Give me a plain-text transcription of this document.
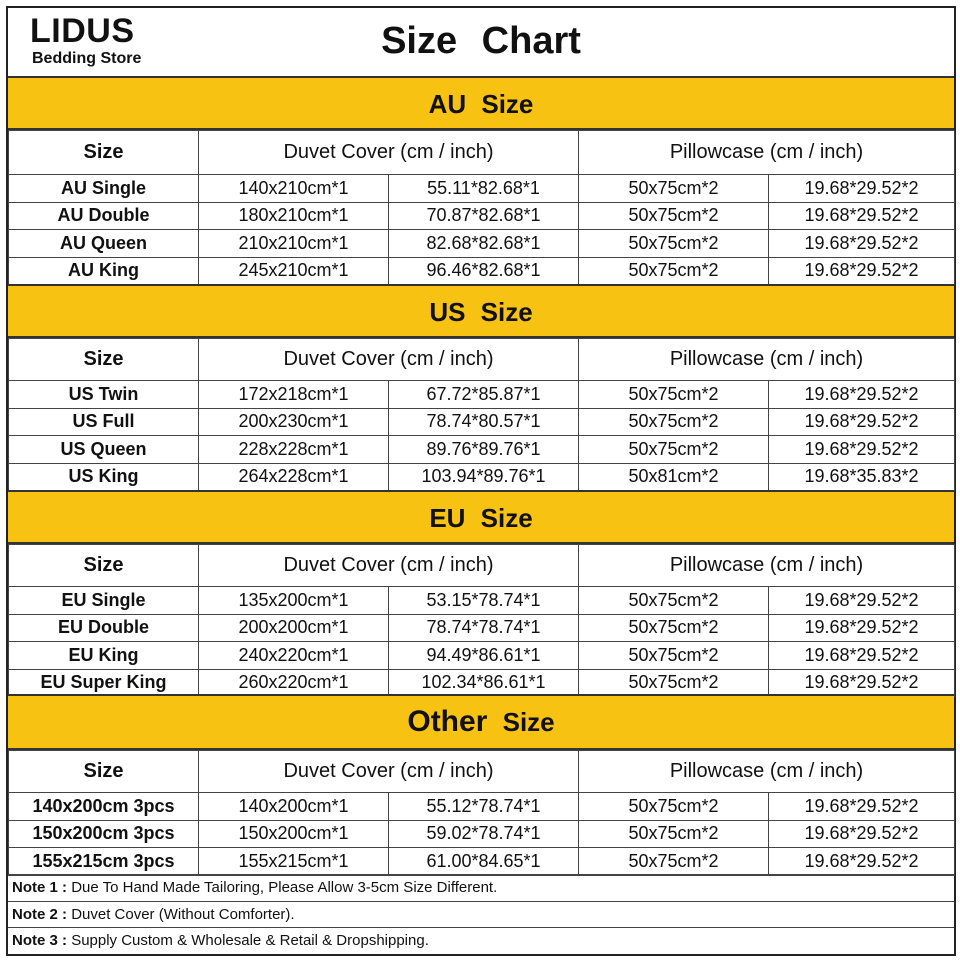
LIDUS
Bedding Store	Size Chart
AU Size
Size	Duvet Cover (cm / inch)		Pillowcase (cm / inch)	
AU Single	140x210cm*1	55.11*82.68*1	50x75cm*2	19.68*29.52*2
AU Double	180x210cm*1	70.87*82.68*1	50x75cm*2	19.68*29.52*2
AU Queen	210x210cm*1	82.68*82.68*1	50x75cm*2	19.68*29.52*2
AU King	245x210cm*1	96.46*82.68*1	50x75cm*2	19.68*29.52*2
US Size
Size	Duvet Cover (cm / inch)		Pillowcase (cm / inch)	
US Twin	172x218cm*1	67.72*85.87*1	50x75cm*2	19.68*29.52*2
US Full	200x230cm*1	78.74*80.57*1	50x75cm*2	19.68*29.52*2
US Queen	228x228cm*1	89.76*89.76*1	50x75cm*2	19.68*29.52*2
US King	264x228cm*1	103.94*89.76*1	50x81cm*2	19.68*35.83*2
EU Size
Size	Duvet Cover (cm / inch)		Pillowcase (cm / inch)	
EU Single	135x200cm*1	53.15*78.74*1	50x75cm*2	19.68*29.52*2
EU Double	200x200cm*1	78.74*78.74*1	50x75cm*2	19.68*29.52*2
EU King	240x220cm*1	94.49*86.61*1	50x75cm*2	19.68*29.52*2
EU Super King	260x220cm*1	102.34*86.61*1	50x75cm*2	19.68*29.52*2
Other Size
Size	Duvet Cover (cm / inch)		Pillowcase (cm / inch)	
140x200cm 3pcs	140x200cm*1	55.12*78.74*1	50x75cm*2	19.68*29.52*2
150x200cm 3pcs	150x200cm*1	59.02*78.74*1	50x75cm*2	19.68*29.52*2
155x215cm 3pcs	155x215cm*1	61.00*84.65*1	50x75cm*2	19.68*29.52*2
Note 1 : Due To Hand Made Tailoring, Please Allow 3-5cm Size Different.
Note 2 : Duvet Cover (Without Comforter).
Note 3 : Supply Custom & Wholesale & Retail & Dropshipping.
